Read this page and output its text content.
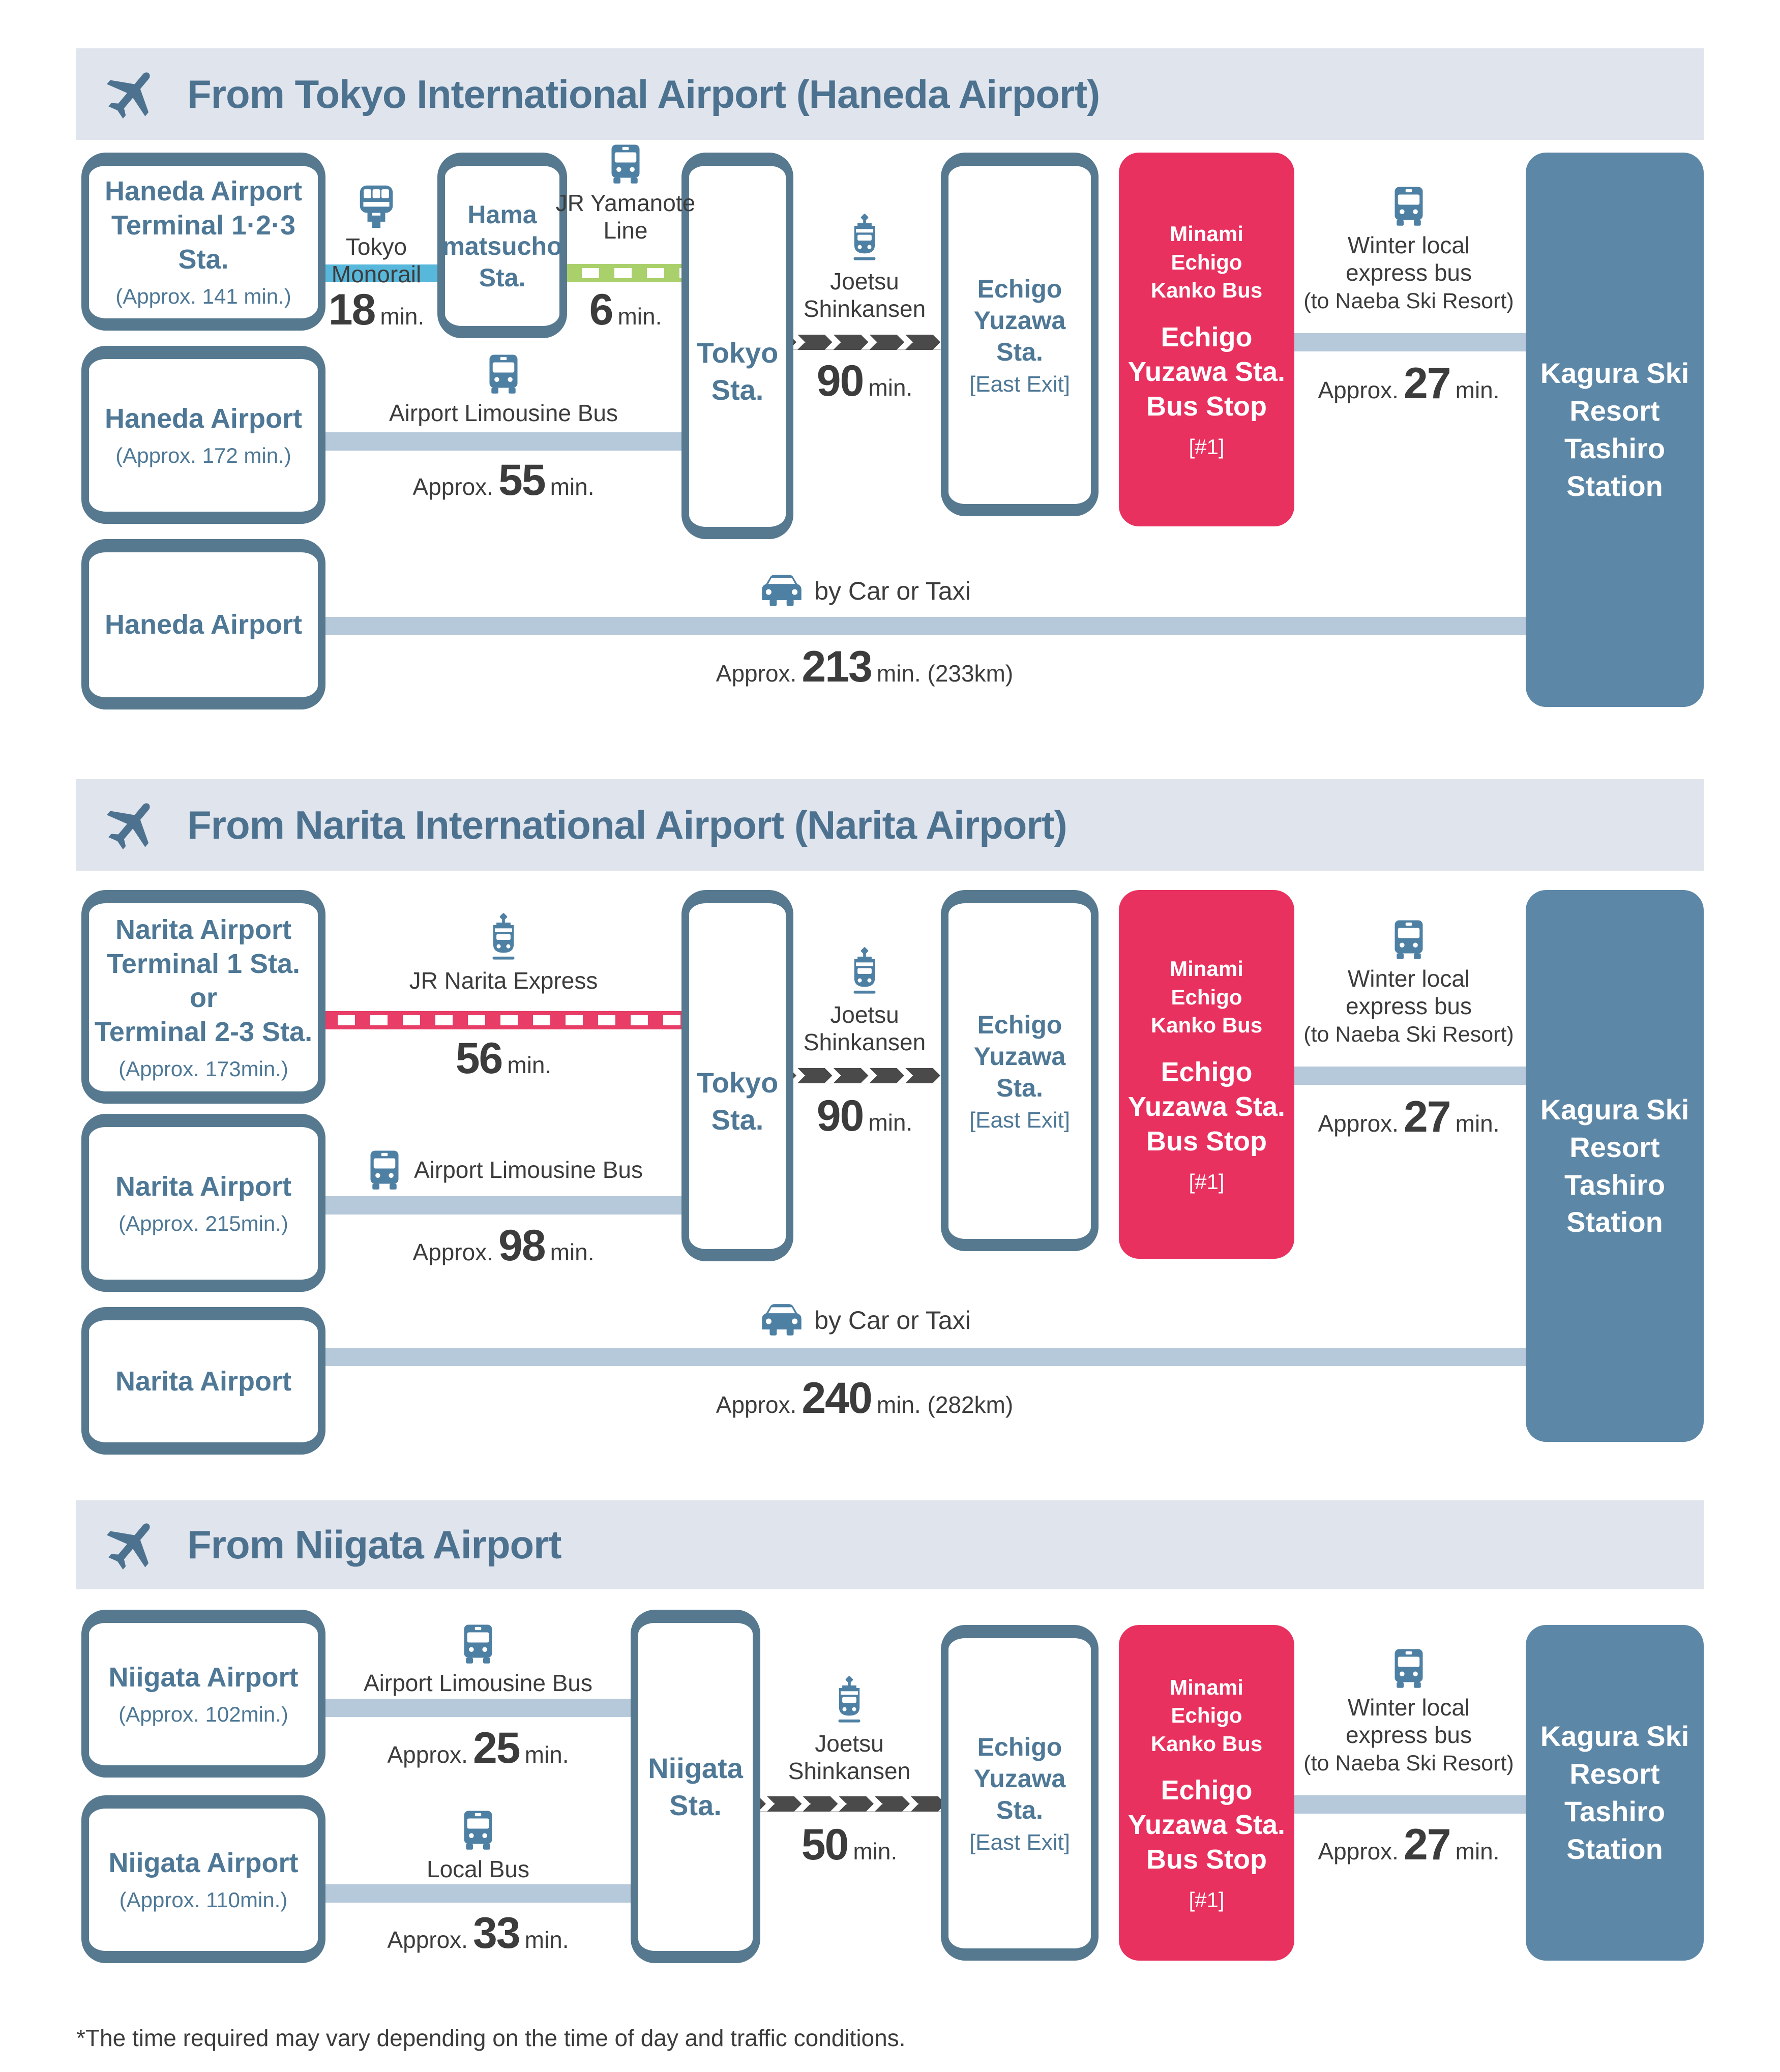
From Tokyo International Airport (Haneda Airport)
From Narita International Airport (Narita Airport)
From Niigata Airport
Haneda Airport Terminal 1·2·3 Sta.
(Approx. 141 min.)
Hama matsucho Sta.
Tokyo Sta.
Echigo Yuzawa Sta.
[East Exit]
Minami Echigo Kanko Bus
Echigo Yuzawa Sta. Bus Stop
[#1]
Kagura Ski Resort Tashiro Station
Haneda Airport
(Approx. 172 min.)
Haneda Airport
Tokyo Monorail
18 min.
JR Yamanote Line
6 min.
Joetsu Shinkansen
90 min.
Winter local express bus
(to Naeba Ski Resort)
Approx. 27 min.
Airport Limousine Bus
Approx. 55 min.
by Car or Taxi
Approx. 213 min. (233km)
Narita Airport
Terminal 1 Sta.
or
Terminal 2-3 Sta.
(Approx. 173min.)	Tokyo Sta.
Echigo Yuzawa Sta.
[East Exit]
Minami Echigo Kanko Bus
Echigo Yuzawa Sta. Bus Stop
[#1]
Kagura Ski Resort Tashiro Station
Narita Airport
(Approx. 215min.)
Narita Airport
JR Narita Express
56 min.
Joetsu Shinkansen
90 min.
Winter local express bus
(to Naeba Ski Resort)
Approx. 27 min.
Airport Limousine Bus
Approx. 98 min.
by Car or Taxi
Approx. 240 min. (282km)
Niigata Airport
(Approx. 102min.)
Niigata Airport
(Approx. 110min.)
Niigata Sta.
Echigo Yuzawa Sta.
[East Exit]
Minami Echigo Kanko Bus
Echigo Yuzawa Sta. Bus Stop
[#1]
Kagura Ski Resort Tashiro Station
Airport Limousine Bus
Approx. 25 min.
Local Bus
Approx. 33 min.
Joetsu Shinkansen
50 min.
Winter local express bus
(to Naeba Ski Resort)
Approx. 27 min.
*The time required may vary depending on the time of day and traffic conditions.
